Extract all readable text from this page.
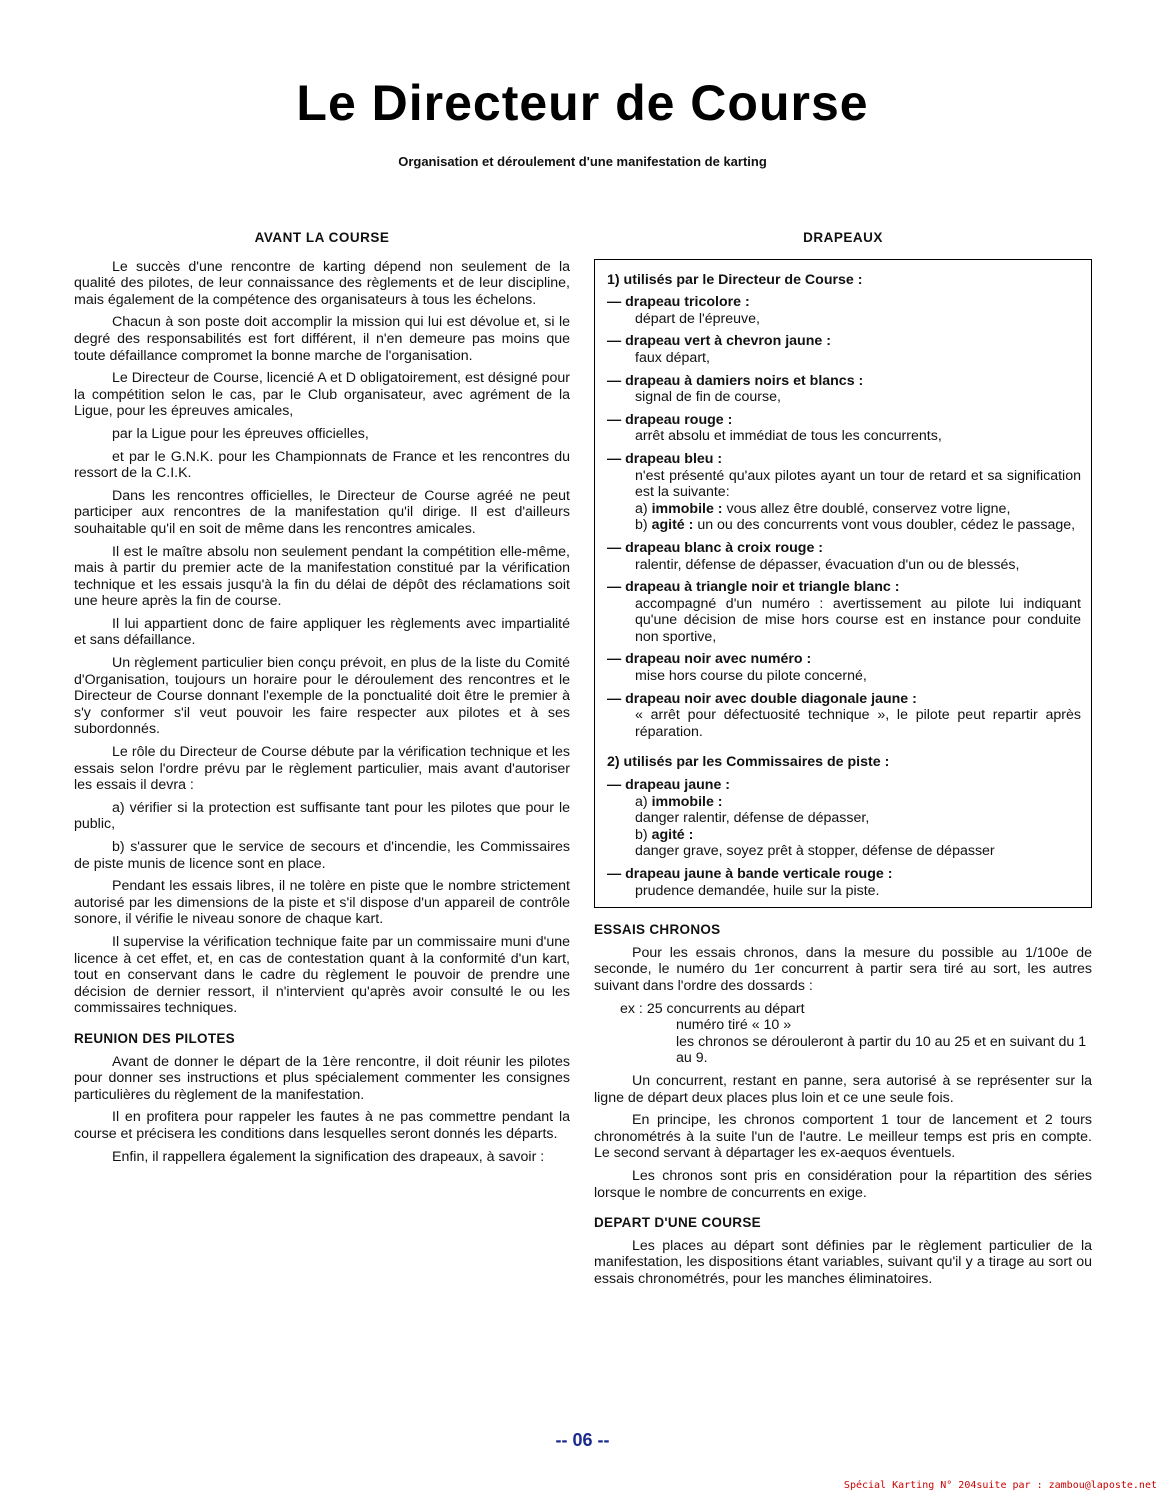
Le Directeur de Course
Organisation et déroulement d'une manifestation de karting
AVANT LA COURSE

Le succès d'une rencontre de karting dépend non seulement de la qualité des pilotes, de leur connaissance des règlements et de leur discipline, mais également de la compétence des organisateurs à tous les échelons.

Chacun à son poste doit accomplir la mission qui lui est dévolue et, si le degré des responsabilités est fort différent, il n'en demeure pas moins que toute défaillance compromet la bonne marche de l'organisation.

Le Directeur de Course, licencié A et D obligatoirement, est désigné pour la compétition selon le cas, par le Club organisateur, avec agrément de la Ligue, pour les épreuves amicales,

par la Ligue pour les épreuves officielles,

et par le G.N.K. pour les Championnats de France et les rencontres du ressort de la C.I.K.

Dans les rencontres officielles, le Directeur de Course agréé ne peut participer aux rencontres de la manifestation qu'il dirige. Il est d'ailleurs souhaitable qu'il en soit de même dans les rencontres amicales.

Il est le maître absolu non seulement pendant la compétition elle-même, mais à partir du premier acte de la manifestation constitué par la vérification technique et les essais jusqu'à la fin du délai de dépôt des réclamations soit une heure après la fin de course.

Il lui appartient donc de faire appliquer les règlements avec impartialité et sans défaillance.

Un règlement particulier bien conçu prévoit, en plus de la liste du Comité d'Organisation, toujours un horaire pour le déroulement des rencontres et le Directeur de Course donnant l'exemple de la ponctualité doit être le premier à s'y conformer s'il veut pouvoir les faire respecter aux pilotes et à ses subordonnés.

Le rôle du Directeur de Course débute par la vérification technique et les essais selon l'ordre prévu par le règlement particulier, mais avant d'autoriser les essais il devra :

a) vérifier si la protection est suffisante tant pour les pilotes que pour le public,

b) s'assurer que le service de secours et d'incendie, les Commissaires de piste munis de licence sont en place.

Pendant les essais libres, il ne tolère en piste que le nombre strictement autorisé par les dimensions de la piste et s'il dispose d'un appareil de contrôle sonore, il vérifie le niveau sonore de chaque kart.

Il supervise la vérification technique faite par un commissaire muni d'une licence à cet effet, et, en cas de contestation quant à la conformité d'un kart, tout en conservant dans le cadre du règlement le pouvoir de prendre une décision de dernier ressort, il n'intervient qu'après avoir consulté le ou les commissaires techniques.

REUNION DES PILOTES

Avant de donner le départ de la 1ère rencontre, il doit réunir les pilotes pour donner ses instructions et plus spécialement commenter les consignes particulières du règlement de la manifestation.

Il en profitera pour rappeler les fautes à ne pas commettre pendant la course et précisera les conditions dans lesquelles seront donnés les départs.

Enfin, il rappellera également la signification des drapeaux, à savoir :

DRAPEAUX
1) utilisés par le Directeur de Course :
— drapeau tricolore :
départ de l'épreuve,
— drapeau vert à chevron jaune :
faux départ,
— drapeau à damiers noirs et blancs :
signal de fin de course,
— drapeau rouge :
arrêt absolu et immédiat de tous les concurrents,
— drapeau bleu :
n'est présenté qu'aux pilotes ayant un tour de retard et sa signification est la suivante:
a) immobile : vous allez être doublé, conservez votre ligne,
b) agité : un ou des concurrents vont vous doubler, cédez le passage,
— drapeau blanc à croix rouge :
ralentir, défense de dépasser, évacuation d'un ou de blessés,
— drapeau à triangle noir et triangle blanc :
accompagné d'un numéro : avertissement au pilote lui indiquant qu'une décision de mise hors course est en instance pour conduite non sportive,
— drapeau noir avec numéro :
mise hors course du pilote concerné,
— drapeau noir avec double diagonale jaune :
« arrêt pour défectuosité technique », le pilote peut repartir après réparation.
2) utilisés par les Commissaires de piste :
— drapeau jaune :
a) immobile :
danger ralentir, défense de dépasser,
b) agité :
danger grave, soyez prêt à stopper, défense de dépasser
— drapeau jaune à bande verticale rouge :
prudence demandée, huile sur la piste.
ESSAIS CHRONOS

Pour les essais chronos, dans la mesure du possible au 1/100e de seconde, le numéro du 1er concurrent à partir sera tiré au sort, les autres suivant dans l'ordre des dossards :

ex : 25 concurrents au départ
numéro tiré « 10 »
les chronos se dérouleront à partir du 10 au 25 et en suivant du 1 au 9.

Un concurrent, restant en panne, sera autorisé à se représenter sur la ligne de départ deux places plus loin et ce une seule fois.

En principe, les chronos comportent 1 tour de lancement et 2 tours chronométrés à la suite l'un de l'autre. Le meilleur temps est pris en compte. Le second servant à départager les ex-aequos éventuels.

Les chronos sont pris en considération pour la répartition des séries lorsque le nombre de concurrents en exige.

DEPART D'UNE COURSE

Les places au départ sont définies par le règlement particulier de la manifestation, les dispositions étant variables, suivant qu'il y a tirage au sort ou essais chronométrés, pour les manches éliminatoires.

-- 06 --
Spécial Karting N° 204suite par : zambou@laposte.net
